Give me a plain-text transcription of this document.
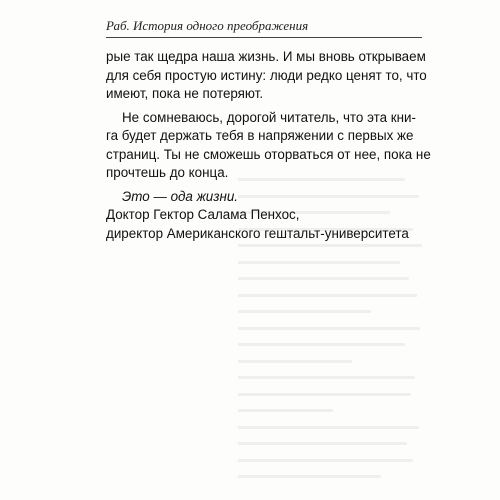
Раб. История одного преображения

рые так щедра наша жизнь. И мы вновь открываем
для себя простую истину: люди редко ценят то, что
имеют, пока не потеряют.

Не сомневаюсь, дорогой читатель, что эта кни-
га будет держать тебя в напряжении с первых же
страниц. Ты не сможешь оторваться от нее, пока не
прочтешь до конца.

Это — ода жизни.

Доктор Гектор Салама Пенхос,

директор Американского гештальт-университета
